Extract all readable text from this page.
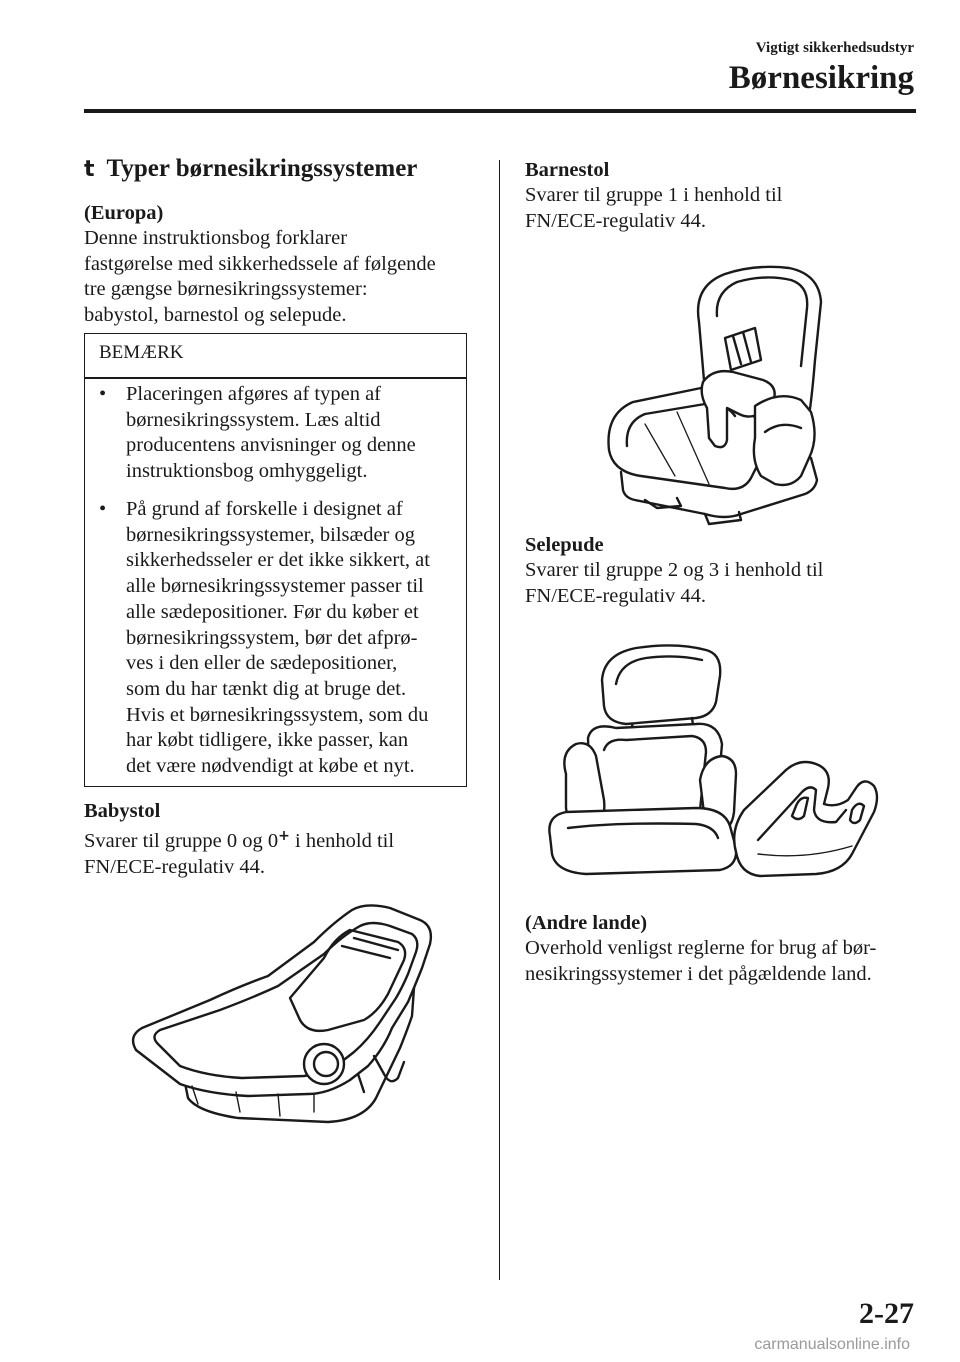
Vigtigt sikkerhedsudstyr
Børnesikring
t Typer børnesikringssystemer
(Europa)
Denne instruktionsbog forklarer
fastgørelse med sikkerhedssele af følgende
tre gængse børnesikringssystemer:
babystol, barnestol og selepude.
BEMÆRK
• Placeringen afgøres af typen af
børnesikringssystem. Læs altid
producentens anvisninger og denne
instruktionsbog omhyggeligt.
• På grund af forskelle i designet af
børnesikringssystemer, bilsæder og
sikkerhedsseler er det ikke sikkert, at
alle børnesikringssystemer passer til
alle sædepositioner. Før du køber et
børnesikringssystem, bør det afprø-
ves i den eller de sædepositioner,
som du har tænkt dig at bruge det.
Hvis et børnesikringssystem, som du
har købt tidligere, ikke passer, kan
det være nødvendigt at købe et nyt.
Babystol
Svarer til gruppe 0 og 0+ i henhold til
FN/ECE-regulativ 44.
Barnestol
Svarer til gruppe 1 i henhold til
FN/ECE-regulativ 44.
Selepude
Svarer til gruppe 2 og 3 i henhold til
FN/ECE-regulativ 44.
(Andre lande)
Overhold venligst reglerne for brug af bør-
nesikringssystemer i det pågældende land.
2-27
carmanualsonline.info
